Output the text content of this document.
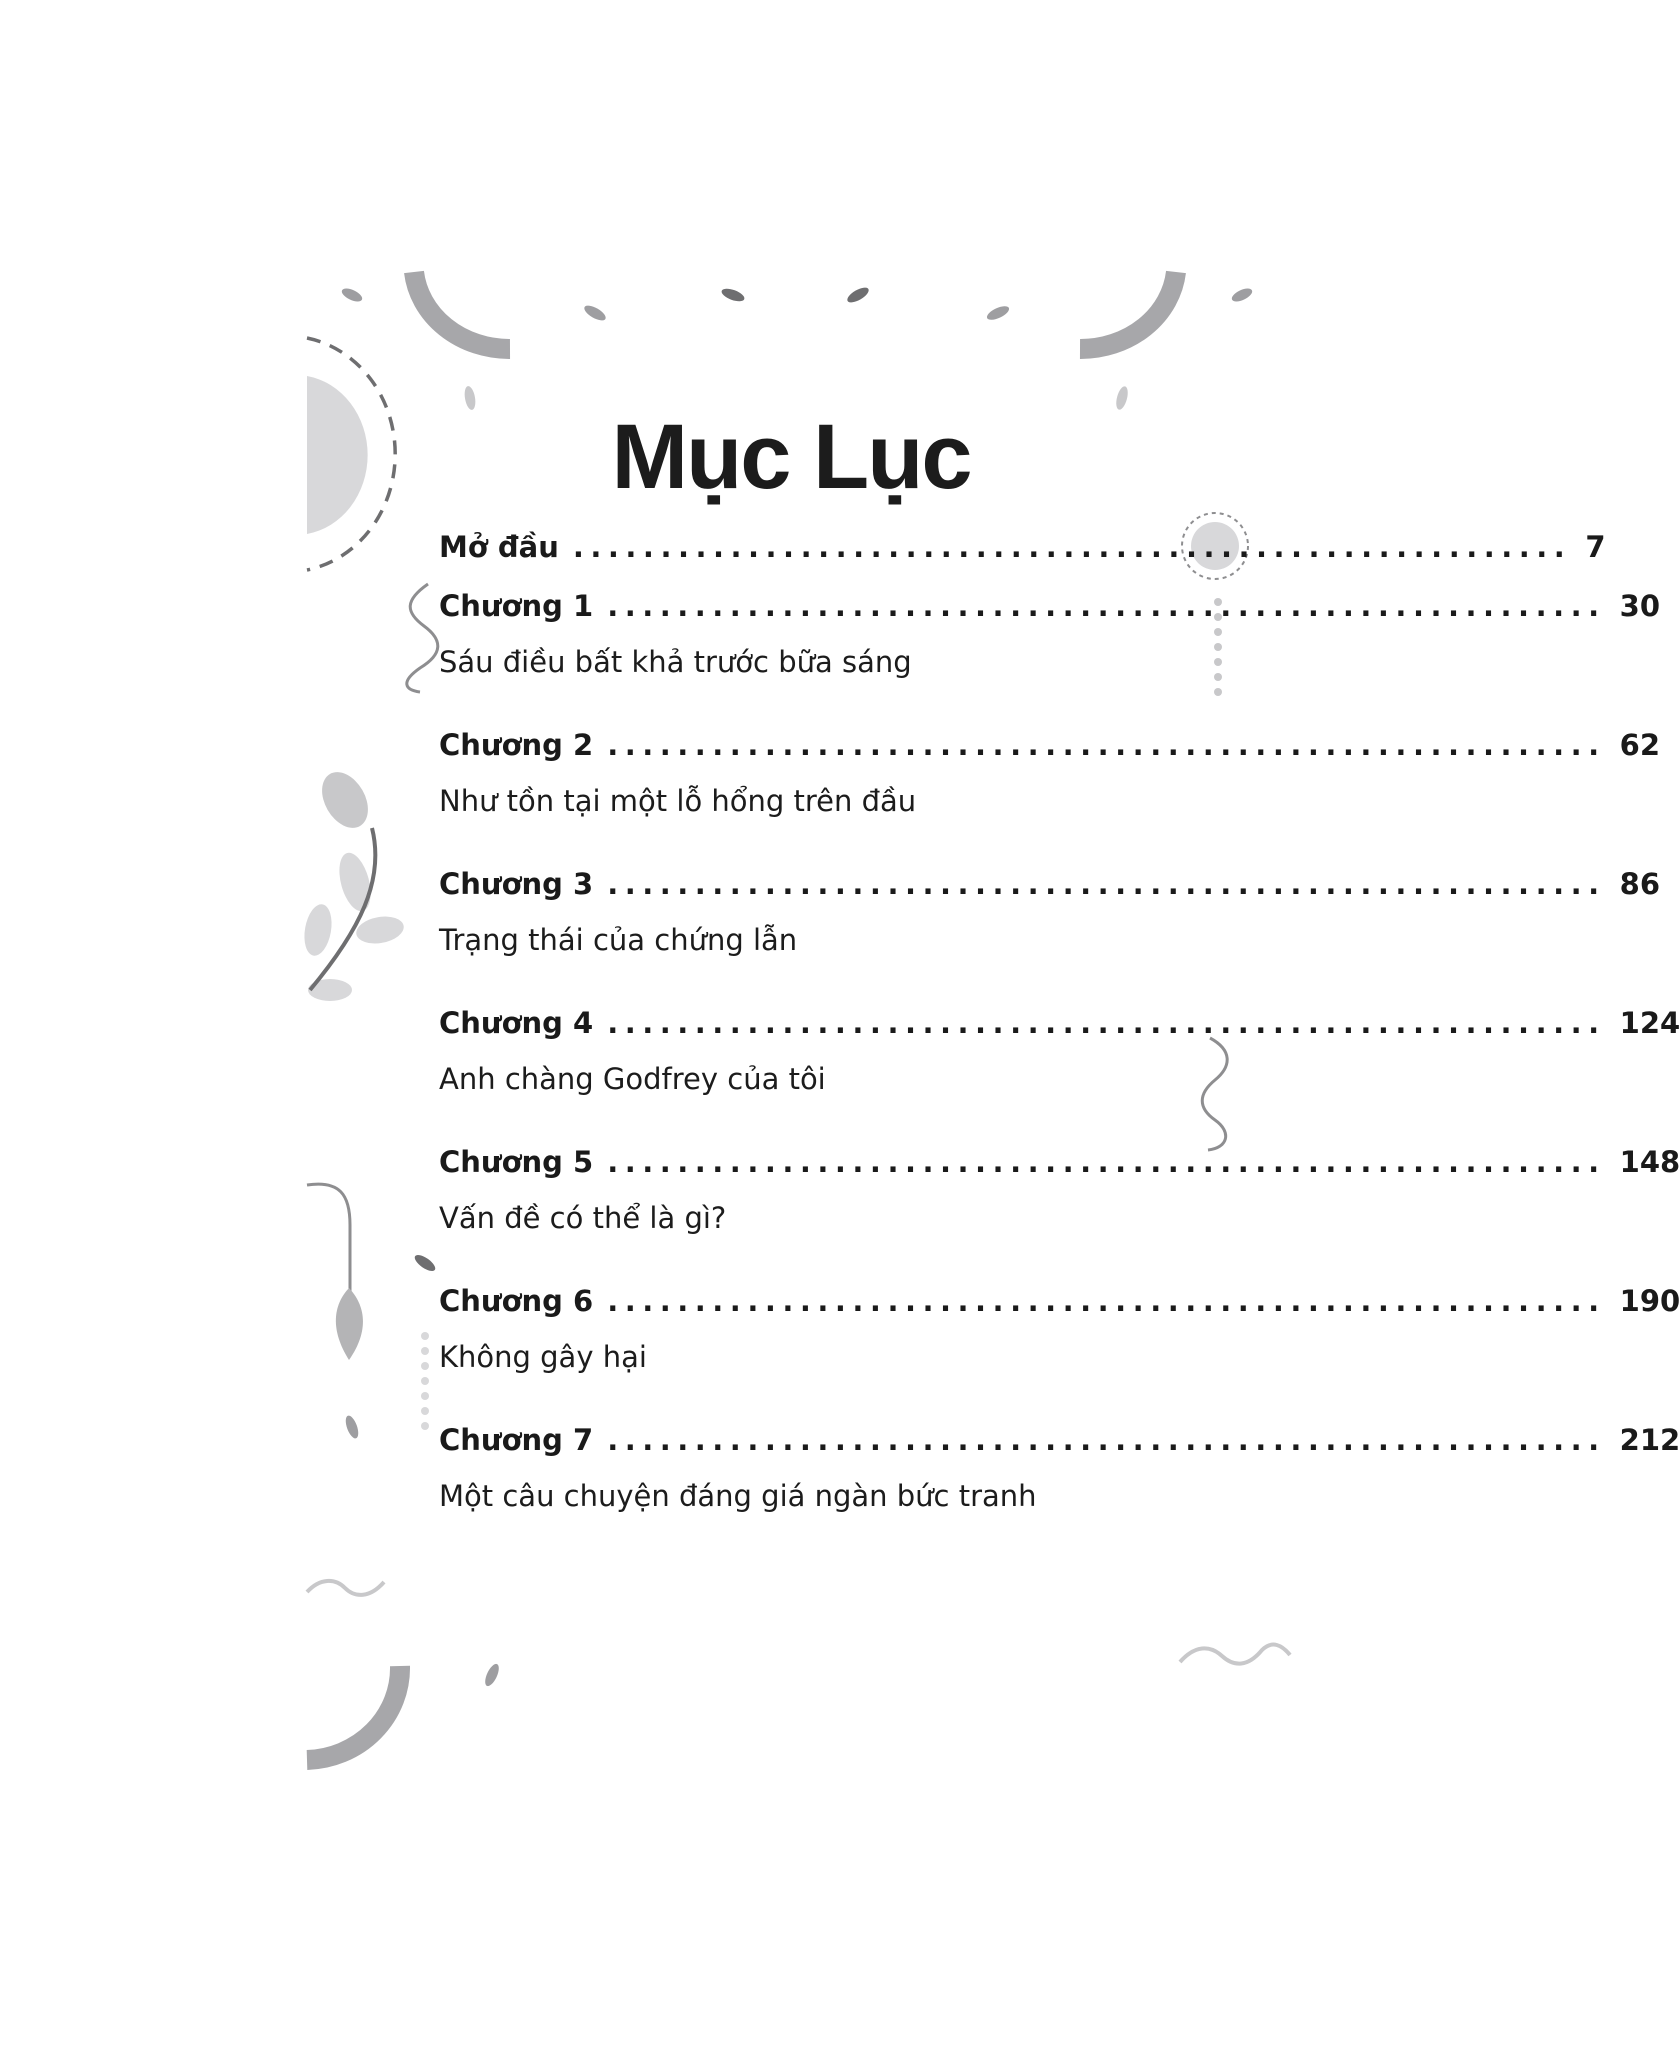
Mục Lục
Mở đầu ......................................................... 7
Chương 1 ......................................................... 30
Sáu điều bất khả trước bữa sáng
Chương 2 ......................................................... 62
Như tồn tại một lỗ hổng trên đầu
Chương 3 ......................................................... 86
Trạng thái của chứng lẫn
Chương 4 ......................................................... 124
Anh chàng Godfrey của tôi
Chương 5 ......................................................... 148
Vấn đề có thể là gì?
Chương 6 ......................................................... 190
Không gây hại
Chương 7 ......................................................... 212
Một câu chuyện đáng giá ngàn bức tranh
